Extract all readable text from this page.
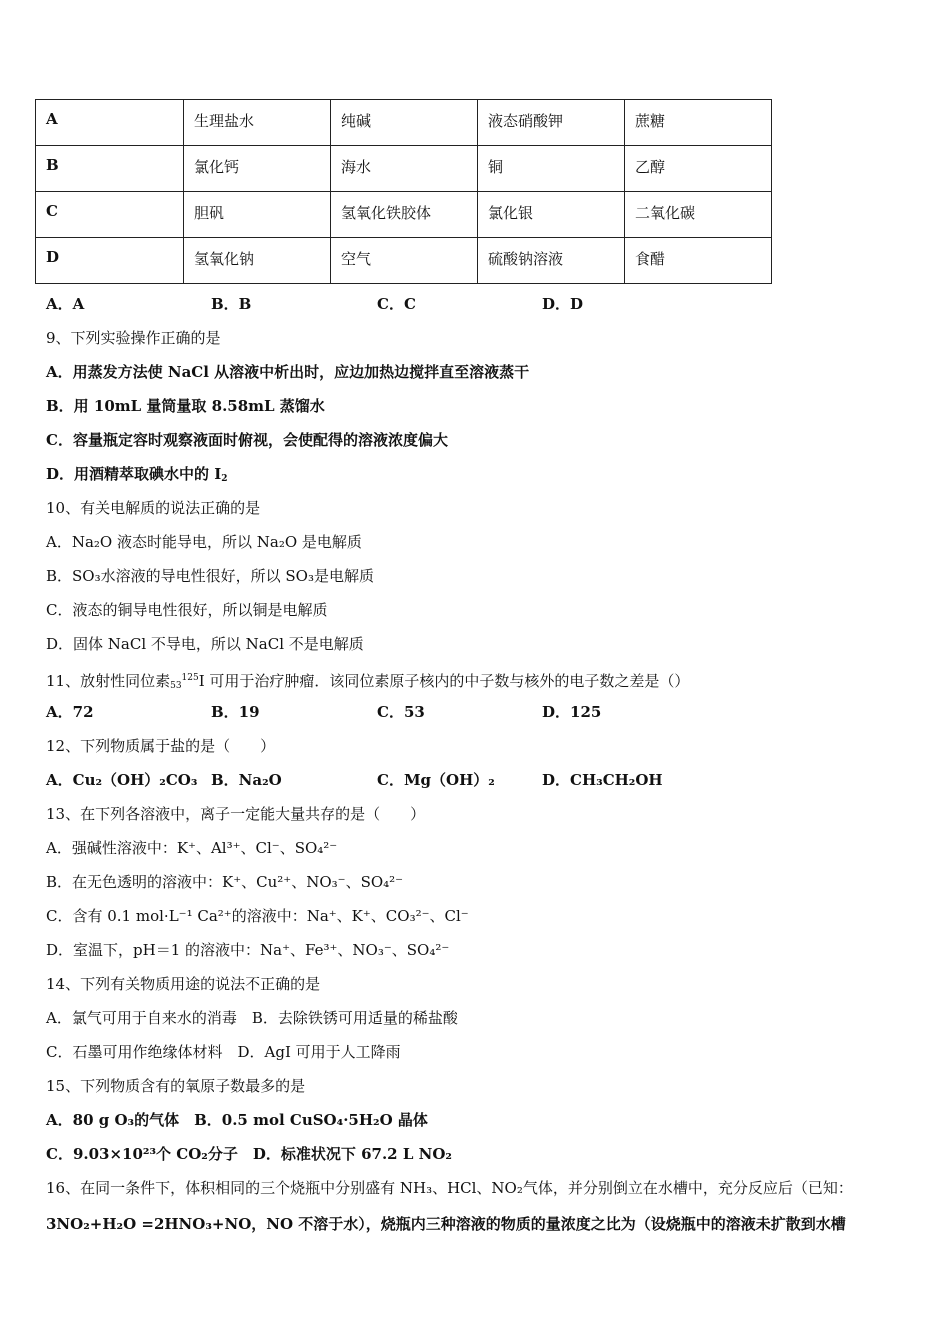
A	生理盐水	纯碱	液态硝酸钾	蔗糖
B	氯化钙	海水	铜	乙醇
C	胆矾	氢氧化铁胶体	氯化银	二氧化碳
D	氢氧化钠	空气	硫酸钠溶液	食醋
A．A	B．B	C．C	D．D
9、下列实验操作正确的是
A．用蒸发方法使 NaCl 从溶液中析出时，应边加热边搅拌直至溶液蒸干
B．用 10mL 量筒量取 8.58mL 蒸馏水
C．容量瓶定容时观察液面时俯视，会使配得的溶液浓度偏大
D．用酒精萃取碘水中的 $I_2$
10、有关电解质的说法正确的是
A．Na₂O 液态时能导电，所以 Na₂O 是电解质
B．SO₃水溶液的导电性很好，所以 SO₃是电解质
C．液态的铜导电性很好，所以铜是电解质
D．固体 NaCl 不导电，所以 NaCl 不是电解质
11、放射性同位素$_{53}^{125}$I 可用于治疗肿瘤．该同位素原子核内的中子数与核外的电子数之差是（）
A．72	B．19	C．53	D．125
12、下列物质属于盐的是（　　）
A．Cu₂（OH）₂CO₃ B．Na₂O	C．Mg（OH）₂	D．CH₃CH₂OH
13、在下列各溶液中，离子一定能大量共存的是（　　）
A．强碱性溶液中：K⁺、Al³⁺、Cl⁻、SO₄²⁻
B．在无色透明的溶液中：K⁺、Cu²⁺、NO₃⁻、SO₄²⁻
C．含有 0.1 mol·L⁻¹ Ca²⁺的溶液中：Na⁺、K⁺、CO₃²⁻、Cl⁻
D．室温下，pH＝1 的溶液中：Na⁺、Fe³⁺、NO₃⁻、SO₄²⁻
14、下列有关物质用途的说法不正确的是
A．氯气可用于自来水的消毒　B．去除铁锈可用适量的稀盐酸
C．石墨可用作绝缘体材料　D．AgI 可用于人工降雨
15、下列物质含有的氧原子数最多的是
A．80 g O₃的气体　B．0.5 mol CuSO₄·5H₂O 晶体
C．9.03×10²³个 CO₂分子　D．标准状况下 67.2 L NO₂
16、在同一条件下，体积相同的三个烧瓶中分别盛有 NH₃、HCl、NO₂气体，并分别倒立在水槽中，充分反应后（已知：
3NO₂+H₂O =2HNO₃+NO，NO 不溶于水），烧瓶内三种溶液的物质的量浓度之比为（设烧瓶中的溶液未扩散到水槽
